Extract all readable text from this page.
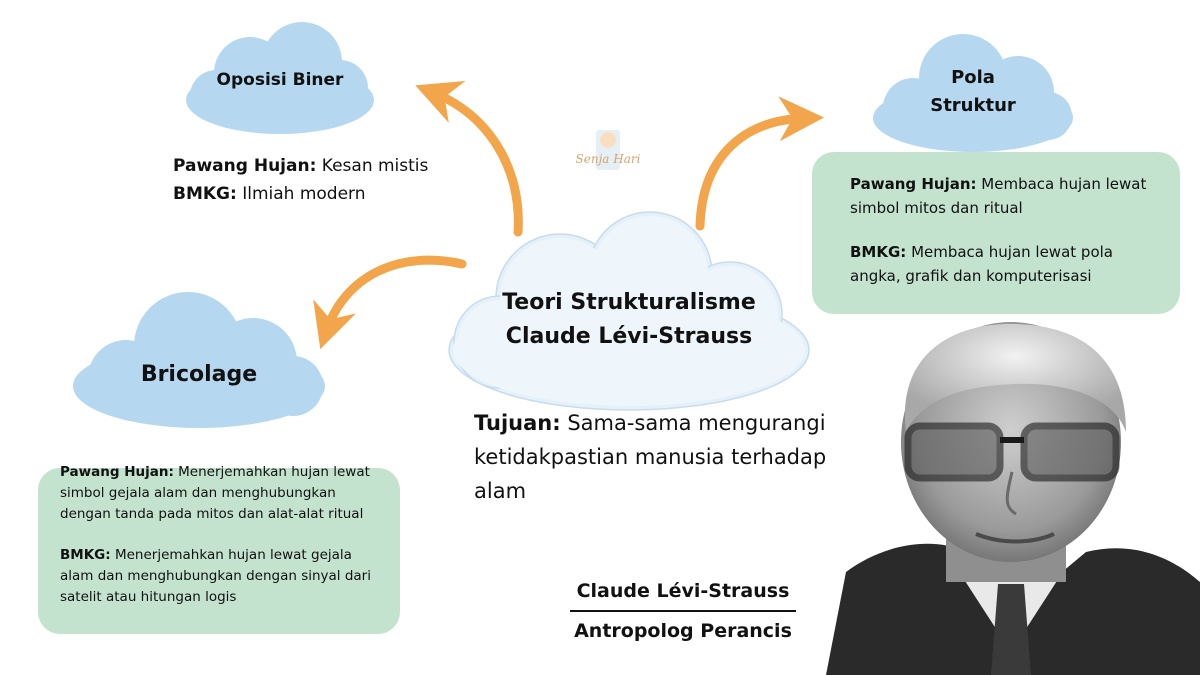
Oposisi Biner	Pola
Struktur
Bricolage
Teori Strukturalisme
Claude Lévi-Strauss
Senja Hari
Pawang Hujan: Kesan mistis
BMKG: Ilmiah modern	Pawang Hujan: Membaca hujan lewat simbol mitos dan ritual
BMKG: Membaca hujan lewat pola angka, grafik dan komputerisasi
Pawang Hujan: Menerjemahkan hujan lewat simbol gejala alam dan menghubungkan dengan tanda pada mitos dan alat-alat ritual
BMKG: Menerjemahkan hujan lewat gejala alam dan menghubungkan dengan sinyal dari satelit atau hitungan logis
Tujuan: Sama-sama mengurangi ketidakpastian manusia terhadap alam
Claude Lévi-Strauss
Antropolog Perancis
